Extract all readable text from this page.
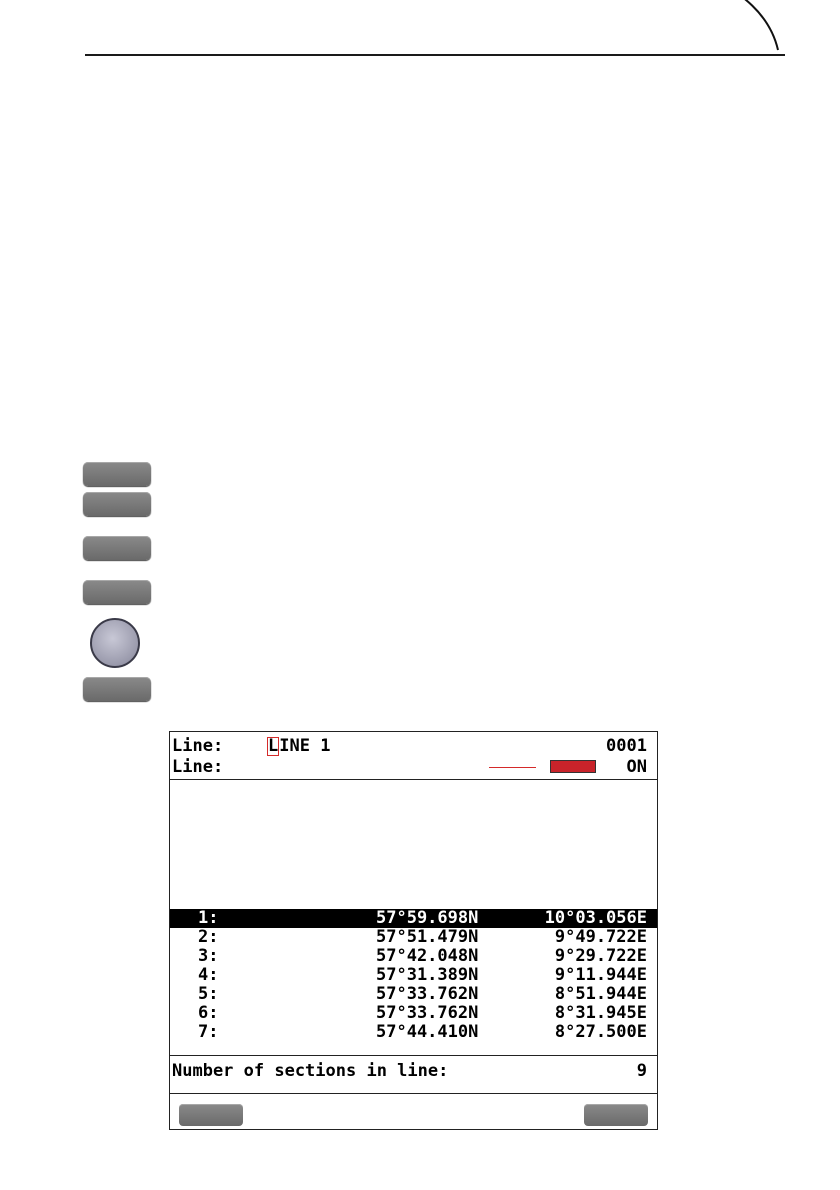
Line:	LINE 1	0001
Line:	ON
1:	57°59.698N	10°03.056E
2:	57°51.479N	9°49.722E
3:	57°42.048N	9°29.722E
4:	57°31.389N	9°11.944E
5:	57°33.762N	8°51.944E
6:	57°33.762N	8°31.945E
7:	57°44.410N	8°27.500E
Number of sections in line:	9
